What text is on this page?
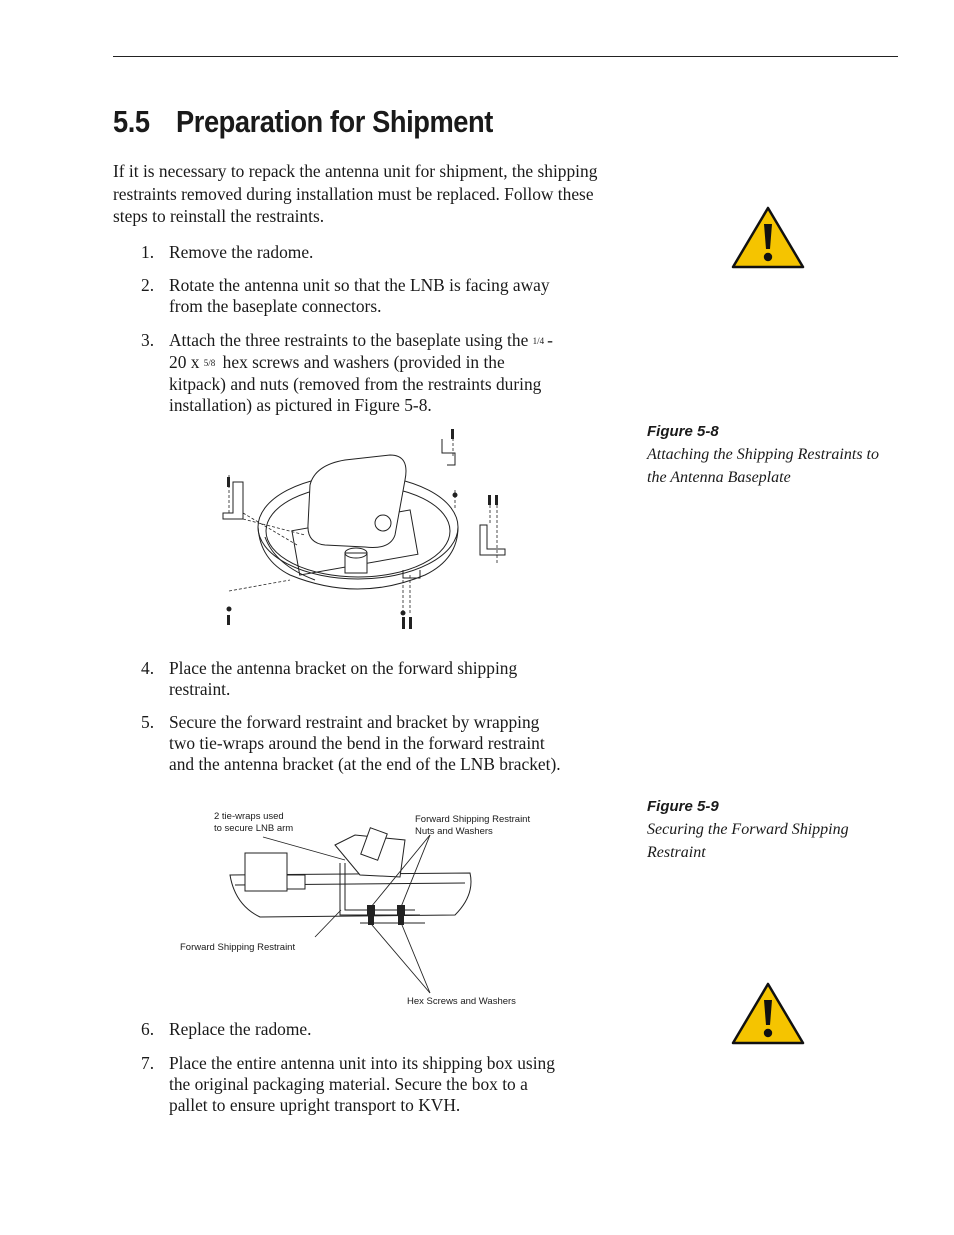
5.5 Preparation for Shipment

If it is necessary to repack the antenna unit for shipment, the shipping restraints removed during installation must be replaced. Follow these steps to reinstall the restraints.

1. Remove the radome.
2. Rotate the antenna unit so that the LNB is facing away from the baseplate connectors.
3. Attach the three restraints to the baseplate using the 1/4 -20 x 5/8 hex screws and washers (provided in the kitpack) and nuts (removed from the restraints during installation) as pictured in Figure 5-8.
4. Place the antenna bracket on the forward shipping restraint.
5. Secure the forward restraint and bracket by wrapping two tie-wraps around the bend in the forward restraint and the antenna bracket (at the end of the LNB bracket).
2 tie-wraps used
to secure LNB arm
Forward Shipping Restraint
Nuts and Washers
Forward Shipping Restraint
Hex Screws and Washers
6. Replace the radome.
7. Place the entire antenna unit into its shipping box using the original packaging material. Secure the box to a pallet to ensure upright transport to KVH.
Figure 5-8
Attaching the Shipping Restraints to the Antenna Baseplate
Figure 5-9
Securing the Forward Shipping Restraint
